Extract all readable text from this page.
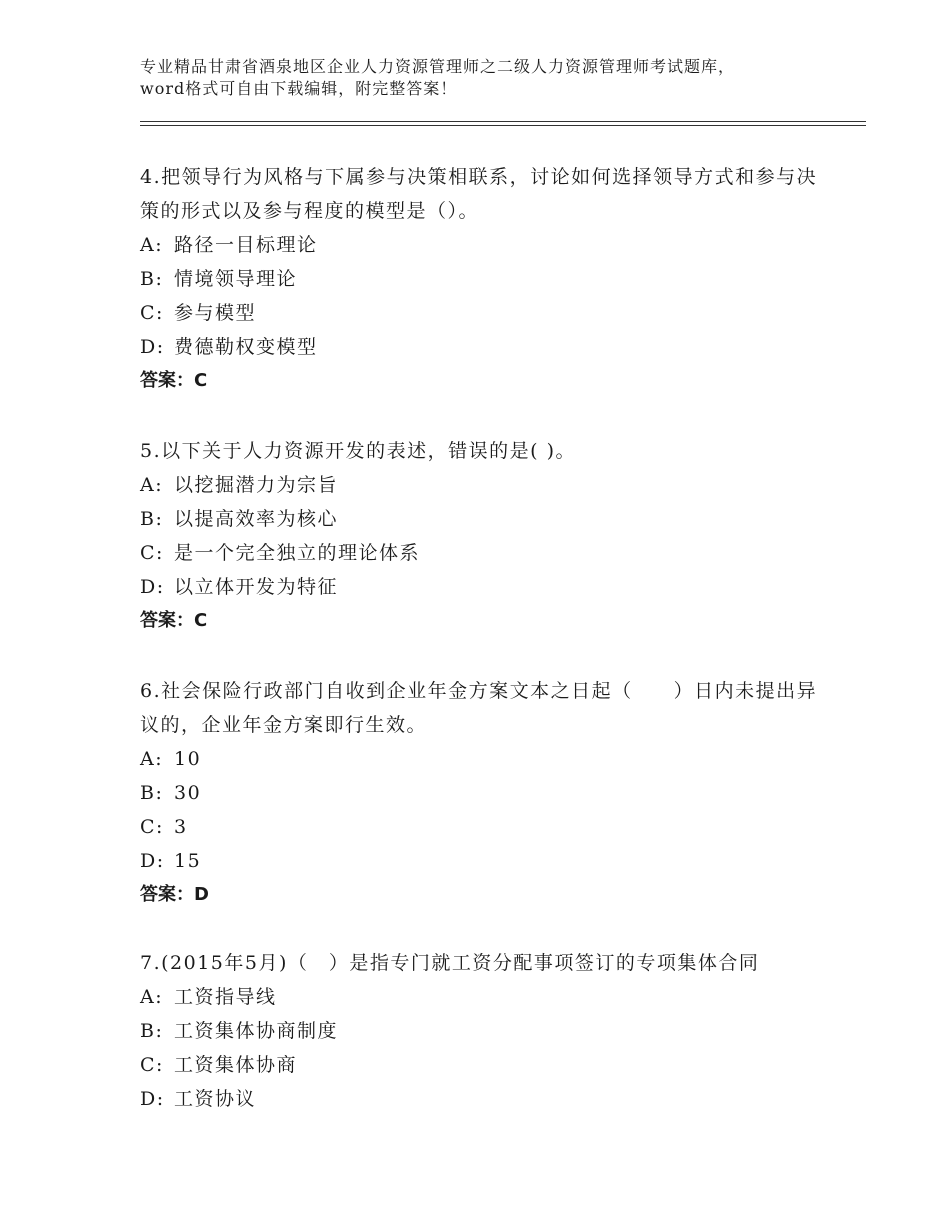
专业精品甘肃省酒泉地区企业人力资源管理师之二级人力资源管理师考试题库，word格式可自由下载编辑，附完整答案！
4.把领导行为风格与下属参与决策相联系，讨论如何选择领导方式和参与决策的形式以及参与程度的模型是（）。
A: 路径一目标理论
B: 情境领导理论
C: 参与模型
D: 费德勒权变模型
答案：C
5.以下关于人力资源开发的表述，错误的是( )。
A: 以挖掘潜力为宗旨
B: 以提高效率为核心
C: 是一个完全独立的理论体系
D: 以立体开发为特征
答案：C
6.社会保险行政部门自收到企业年金方案文本之日起（　　）日内未提出异议的，企业年金方案即行生效。
A: 10
B: 30
C: 3
D: 15
答案：D
7.(2015年5月)（　）是指专门就工资分配事项签订的专项集体合同
A: 工资指导线
B: 工资集体协商制度
C: 工资集体协商
D: 工资协议
